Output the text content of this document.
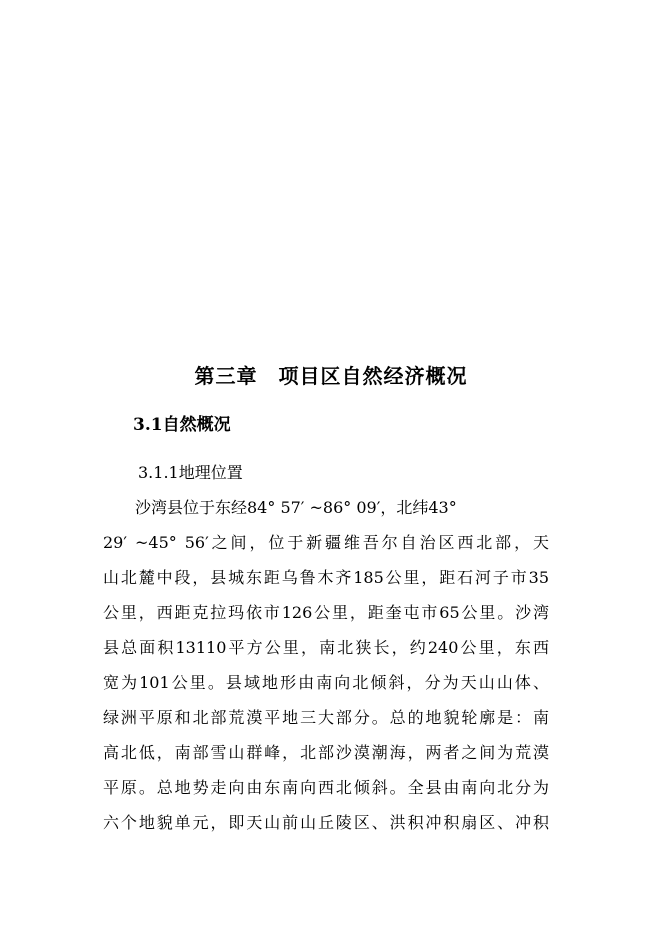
第三章　项目区自然经济概况
3.1自然概况
3.1.1地理位置
　　沙湾县位于东经84° 57′ ~86° 09′，北纬43°
29′ ~45° 56′之间，位于新疆维吾尔自治区西北部，天
山北麓中段，县城东距乌鲁木齐185公里，距石河子市35
公里，西距克拉玛依市126公里，距奎屯市65公里。沙湾
县总面积13110平方公里，南北狭长，约240公里，东西
宽为101公里。县域地形由南向北倾斜，分为天山山体、
绿洲平原和北部荒漠平地三大部分。总的地貌轮廓是：南
高北低，南部雪山群峰，北部沙漠潮海，两者之间为荒漠
平原。总地势走向由东南向西北倾斜。全县由南向北分为
六个地貌单元，即天山前山丘陵区、洪积冲积扇区、冲积
